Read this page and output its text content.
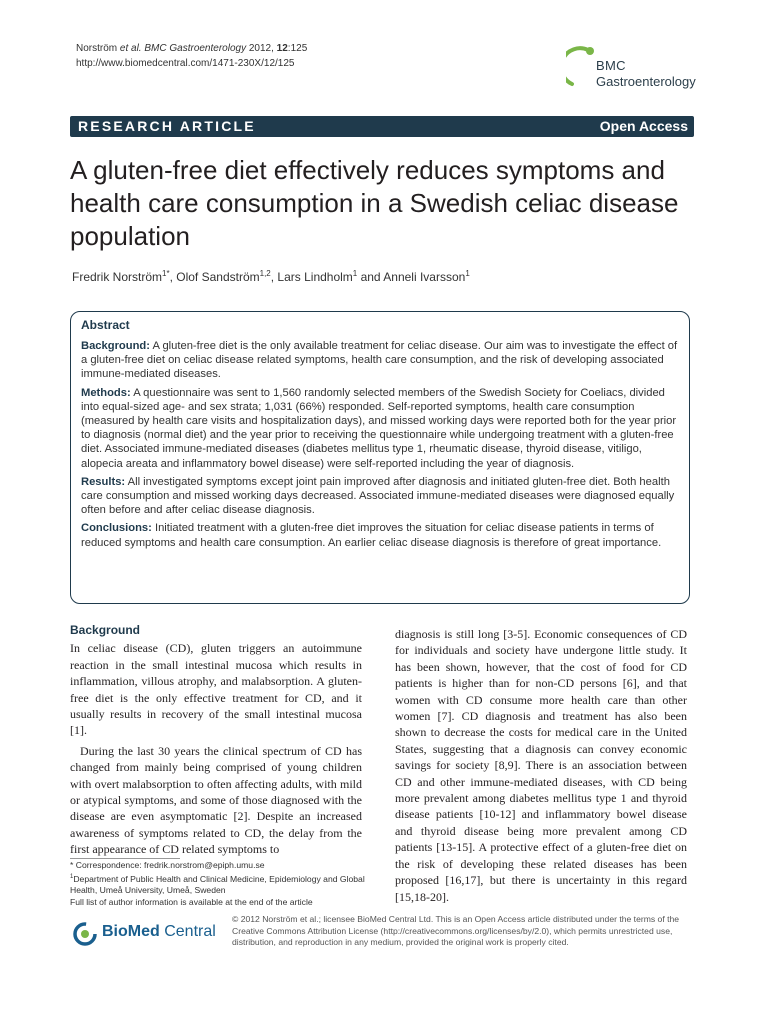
Norström et al. BMC Gastroenterology 2012, 12:125
http://www.biomedcentral.com/1471-230X/12/125	BMC
Gastroenterology
RESEARCH ARTICLE	Open Access
A gluten-free diet effectively reduces symptoms and health care consumption in a Swedish celiac disease population
Fredrik Norström$^{1*}$, Olof Sandström$^{1,2}$, Lars Lindholm$^1$ and Anneli Ivarsson$^1$
Abstract

Background: A gluten-free diet is the only available treatment for celiac disease. Our aim was to investigate the effect of a gluten-free diet on celiac disease related symptoms, health care consumption, and the risk of developing associated immune-mediated diseases.

Methods: A questionnaire was sent to 1,560 randomly selected members of the Swedish Society for Coeliacs, divided into equal-sized age- and sex strata; 1,031 (66%) responded. Self-reported symptoms, health care consumption (measured by health care visits and hospitalization days), and missed working days were reported both for the year prior to diagnosis (normal diet) and the year prior to receiving the questionnaire while undergoing treatment with a gluten-free diet. Associated immune-mediated diseases (diabetes mellitus type 1, rheumatic disease, thyroid disease, vitiligo, alopecia areata and inflammatory bowel disease) were self-reported including the year of diagnosis.

Results: All investigated symptoms except joint pain improved after diagnosis and initiated gluten-free diet. Both health care consumption and missed working days decreased. Associated immune-mediated diseases were diagnosed equally often before and after celiac disease diagnosis.

Conclusions: Initiated treatment with a gluten-free diet improves the situation for celiac disease patients in terms of reduced symptoms and health care consumption. An earlier celiac disease diagnosis is therefore of great importance.

Background

In celiac disease (CD), gluten triggers an autoimmune reaction in the small intestinal mucosa which results in inflammation, villous atrophy, and malabsorption. A gluten-free diet is the only effective treatment for CD, and it usually results in recovery of the small intestinal mucosa [1].

During the last 30 years the clinical spectrum of CD has changed from mainly being comprised of young children with overt malabsorption to often affecting adults, with mild or atypical symptoms, and some of those diagnosed with the disease are even asymptomatic [2]. Despite an increased awareness of symptoms related to CD, the delay from the first appearance of CD related symptoms to

diagnosis is still long [3-5]. Economic consequences of CD for individuals and society have undergone little study. It has been shown, however, that the cost of food for CD patients is higher than for non-CD persons [6], and that women with CD consume more health care than other women [7]. CD diagnosis and treatment has also been shown to decrease the costs for medical care in the United States, suggesting that a diagnosis can convey economic savings for society [8,9]. There is an association between CD and other immune-mediated diseases, with CD being more prevalent among diabetes mellitus type 1 and thyroid disease patients [10-12] and inflammatory bowel disease and thyroid disease being more prevalent among CD patients [13-15]. A protective effect of a gluten-free diet on the risk of developing these related diseases has been proposed [16,17], but there is uncertainty in this regard [15,18-20].

* Correspondence: fredrik.norstrom@epiph.umu.se
$^1$Department of Public Health and Clinical Medicine, Epidemiology and Global Health, Umeå University, Umeå, Sweden
Full list of author information is available at the end of the article
BioMed Central
© 2012 Norström et al.; licensee BioMed Central Ltd. This is an Open Access article distributed under the terms of the Creative Commons Attribution License (http://creativecommons.org/licenses/by/2.0), which permits unrestricted use, distribution, and reproduction in any medium, provided the original work is properly cited.
